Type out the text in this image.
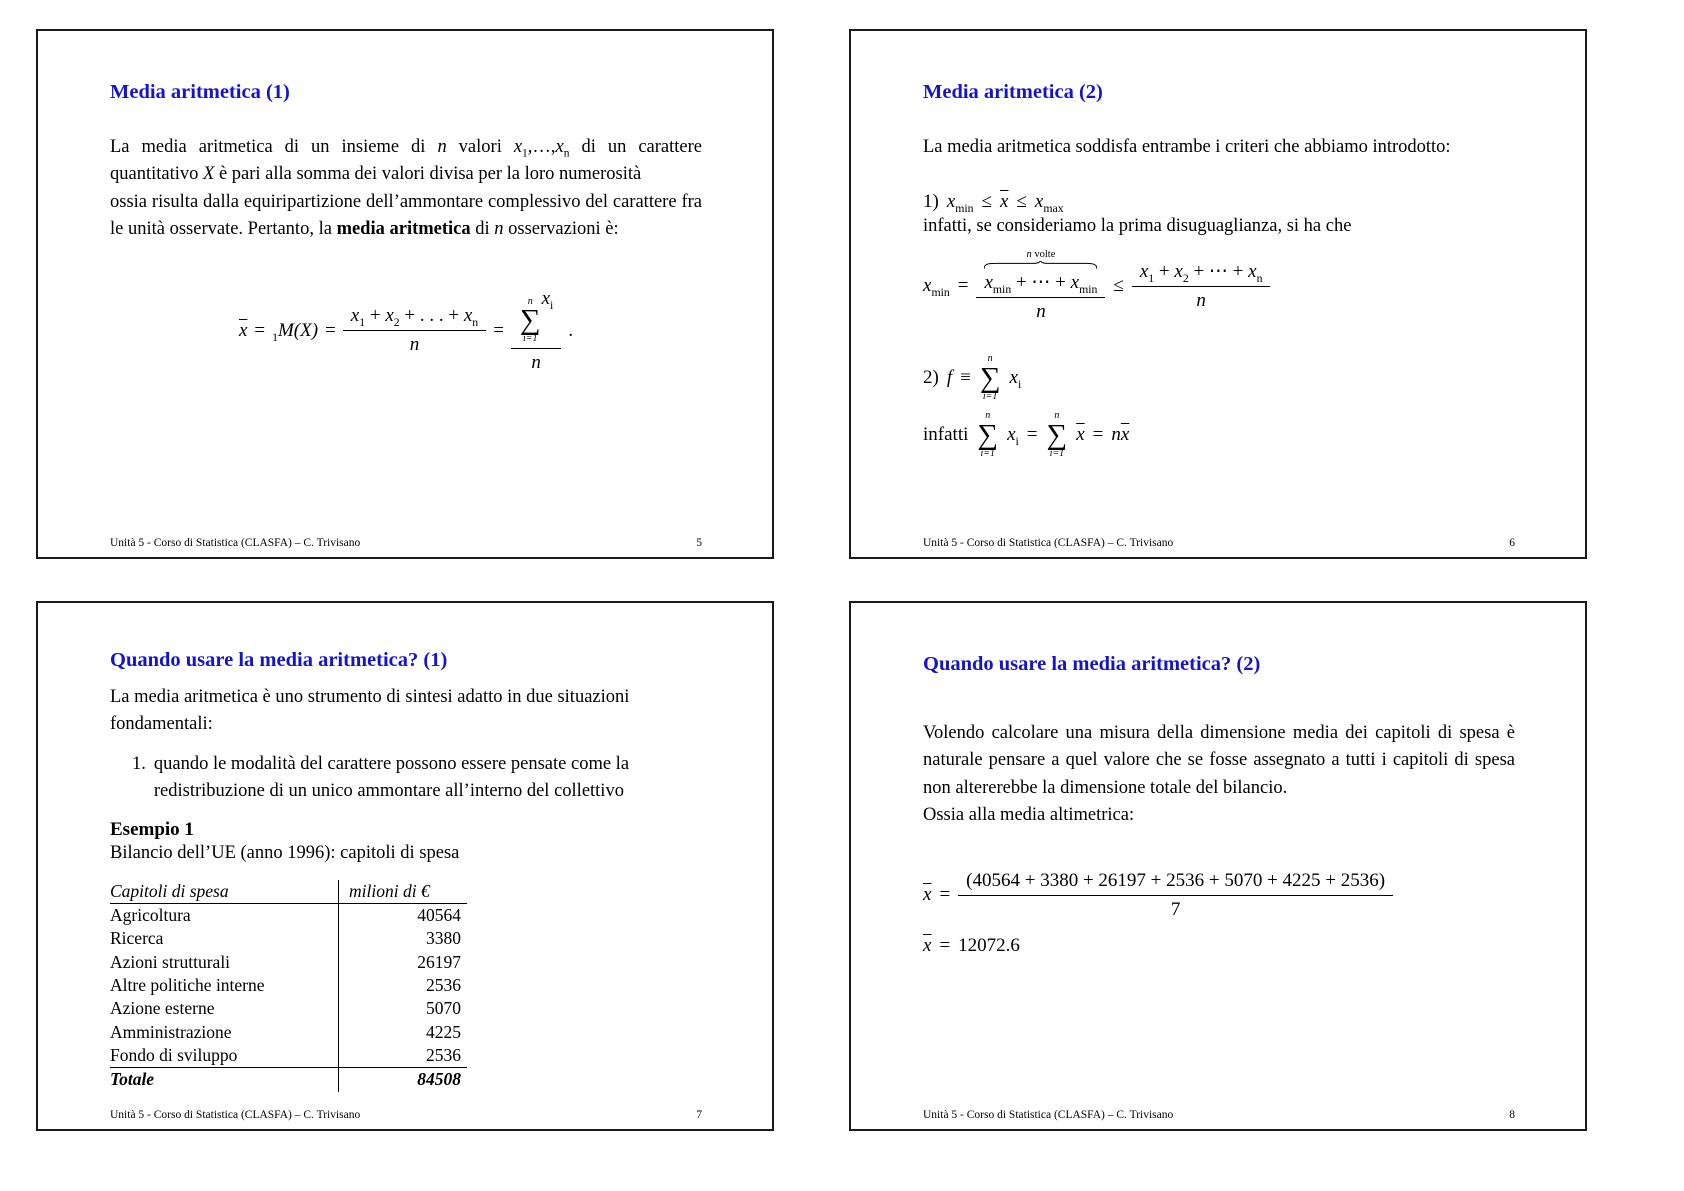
Media aritmetica (1)

La media aritmetica di un insieme di n valori $x_1,\dots,x_n$ di un carattere quantitativo X è pari alla somma dei valori divisa per la loro numerosità

ossia risulta dalla equiripartizione dell’ammontare complessivo del carattere fra le unità osservate. Pertanto, la media aritmetica di n osservazioni è:

$\overline{x} = _1M(X) = \frac{x_1 + x_2 + . . . + x_n}{n} = n$
∑
i=1
$x_i$
n .
Unità 5 - Corso di Statistica (CLASFA) – C. Trivisano	5
Media aritmetica (2)

La media aritmetica soddisfa entrambe i criteri che abbiamo introdotto:

1) $x_{min} \le \overline{x} \le x_{max}$

infatti, se consideriamo la prima disuguaglianza, si ha che

$x_{min} = n$ volte
$x_{min}$ + ⋯ + $x_{min}$
$n \le \frac{x_1 + x_2 + \cdots + x_n}{n}$
2) f ≡
n
∑
i=1
$x_i$
infatti
n
∑
i=1
$x_i$ =
n
∑
i=1
$\overline{x} = n\overline{x}$
Unità 5 - Corso di Statistica (CLASFA) – C. Trivisano	6
Quando usare la media aritmetica? (1)

La media aritmetica è uno strumento di sintesi adatto in due situazioni fondamentali:

1. quando le modalità del carattere possono essere pensate come la redistribuzione di un unico ammontare all’interno del collettivo
Esempio 1

Bilancio dell’UE (anno 1996): capitoli di spesa

Capitoli di spesa	milioni di €
Agricoltura	40564
Ricerca	3380
Azioni strutturali	26197
Altre politiche interne	2536
Azione esterne	5070
Amministrazione	4225
Fondo di sviluppo	2536
Totale	84508
Unità 5 - Corso di Statistica (CLASFA) – C. Trivisano	7
Quando usare la media aritmetica? (2)

Volendo calcolare una misura della dimensione media dei capitoli di spesa è naturale pensare a quel valore che se fosse assegnato a tutti i capitoli di spesa non altererebbe la dimensione totale del bilancio.

Ossia alla media altimetrica:

$\overline{x} = \frac{(40564 + 3380 + 26197 + 2536 + 5070 + 4225 + 2536)}{7}$
$\overline{x} = 12072.6$
Unità 5 - Corso di Statistica (CLASFA) – C. Trivisano	8
